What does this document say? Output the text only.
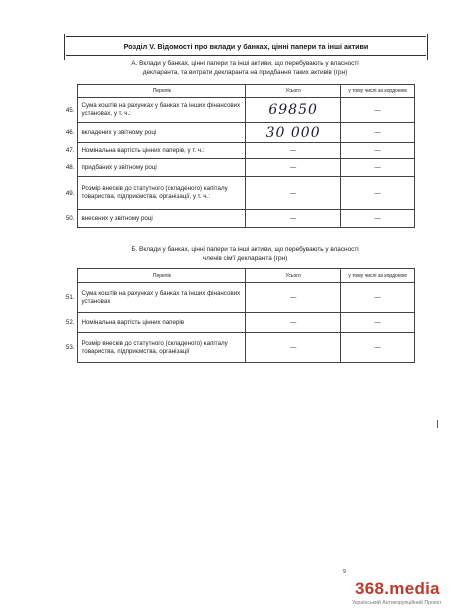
Розділ V. Відомості про вклади у банках, цінні папери та інші активи
А. Вклади у банках, цінні папери та інші активи, що перебувають у власності
декларанта, та витрати декларанта на придбання таких активів (грн)
	Перелік	Усього	у тому числі за кордоном
45.	Сума коштів на рахунках у банках та інших фінансових установах, у т. ч.:	69850	—
46.	вкладених у звітному році	30 000	—
47.	Номінальна вартість цінних паперів, у т. ч.:	—	—
48.	придбаних у звітному році	—	—
49.	Розмір внесків до статутного (складеного) капіталу товариства, підприємства, організації, у т. ч.:	—	—
50.	внесених у звітному році	—	—
Б. Вклади у банках, цінні папери та інші активи, що перебувають у власності
членів сім'ї декларанта (грн)
	Перелік	Усього	у тому числі за кордоном
51.	Сума коштів на рахунках у банках та інших фінансових установах	—	—
52.	Номінальна вартість цінних паперів	—	—
53.	Розмір внесків до статутного (складеного) капіталу товариства, підприємства, організації	—	—
9
368.media
Український Антикорупційний Проект
